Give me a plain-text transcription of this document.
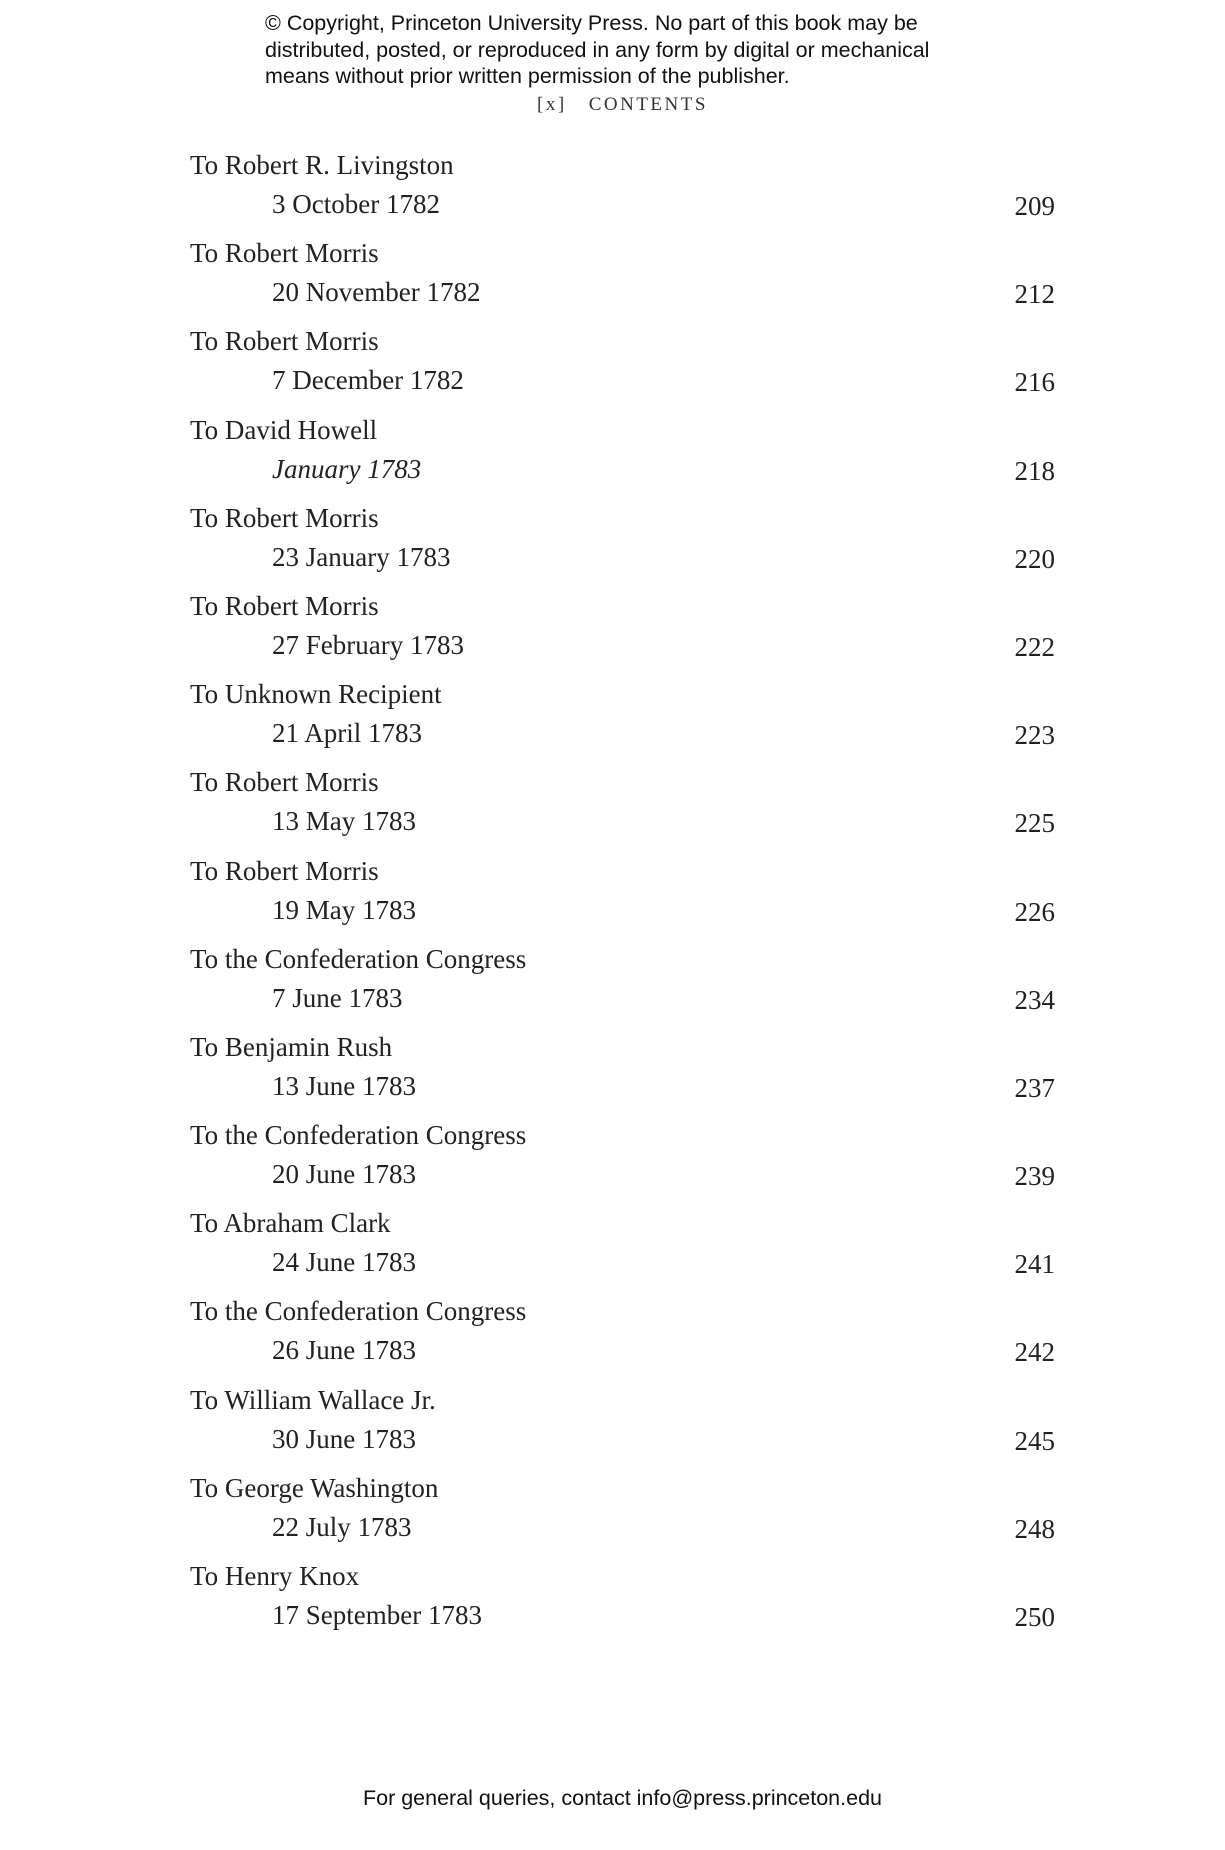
© Copyright, Princeton University Press. No part of this book may be
distributed, posted, or reproduced in any form by digital or mechanical
means without prior written permission of the publisher.
[x] CONTENTS
To Robert R. Livingston
3 October 1782	209
To Robert Morris
20 November 1782	212
To Robert Morris
7 December 1782	216
To David Howell
January 1783	218
To Robert Morris
23 January 1783	220
To Robert Morris
27 February 1783	222
To Unknown Recipient
21 April 1783	223
To Robert Morris
13 May 1783	225
To Robert Morris
19 May 1783	226
To the Confederation Congress
7 June 1783	234
To Benjamin Rush
13 June 1783	237
To the Confederation Congress
20 June 1783	239
To Abraham Clark
24 June 1783	241
To the Confederation Congress
26 June 1783	242
To William Wallace Jr.
30 June 1783	245
To George Washington
22 July 1783	248
To Henry Knox
17 September 1783	250
For general queries, contact info@press.princeton.edu
